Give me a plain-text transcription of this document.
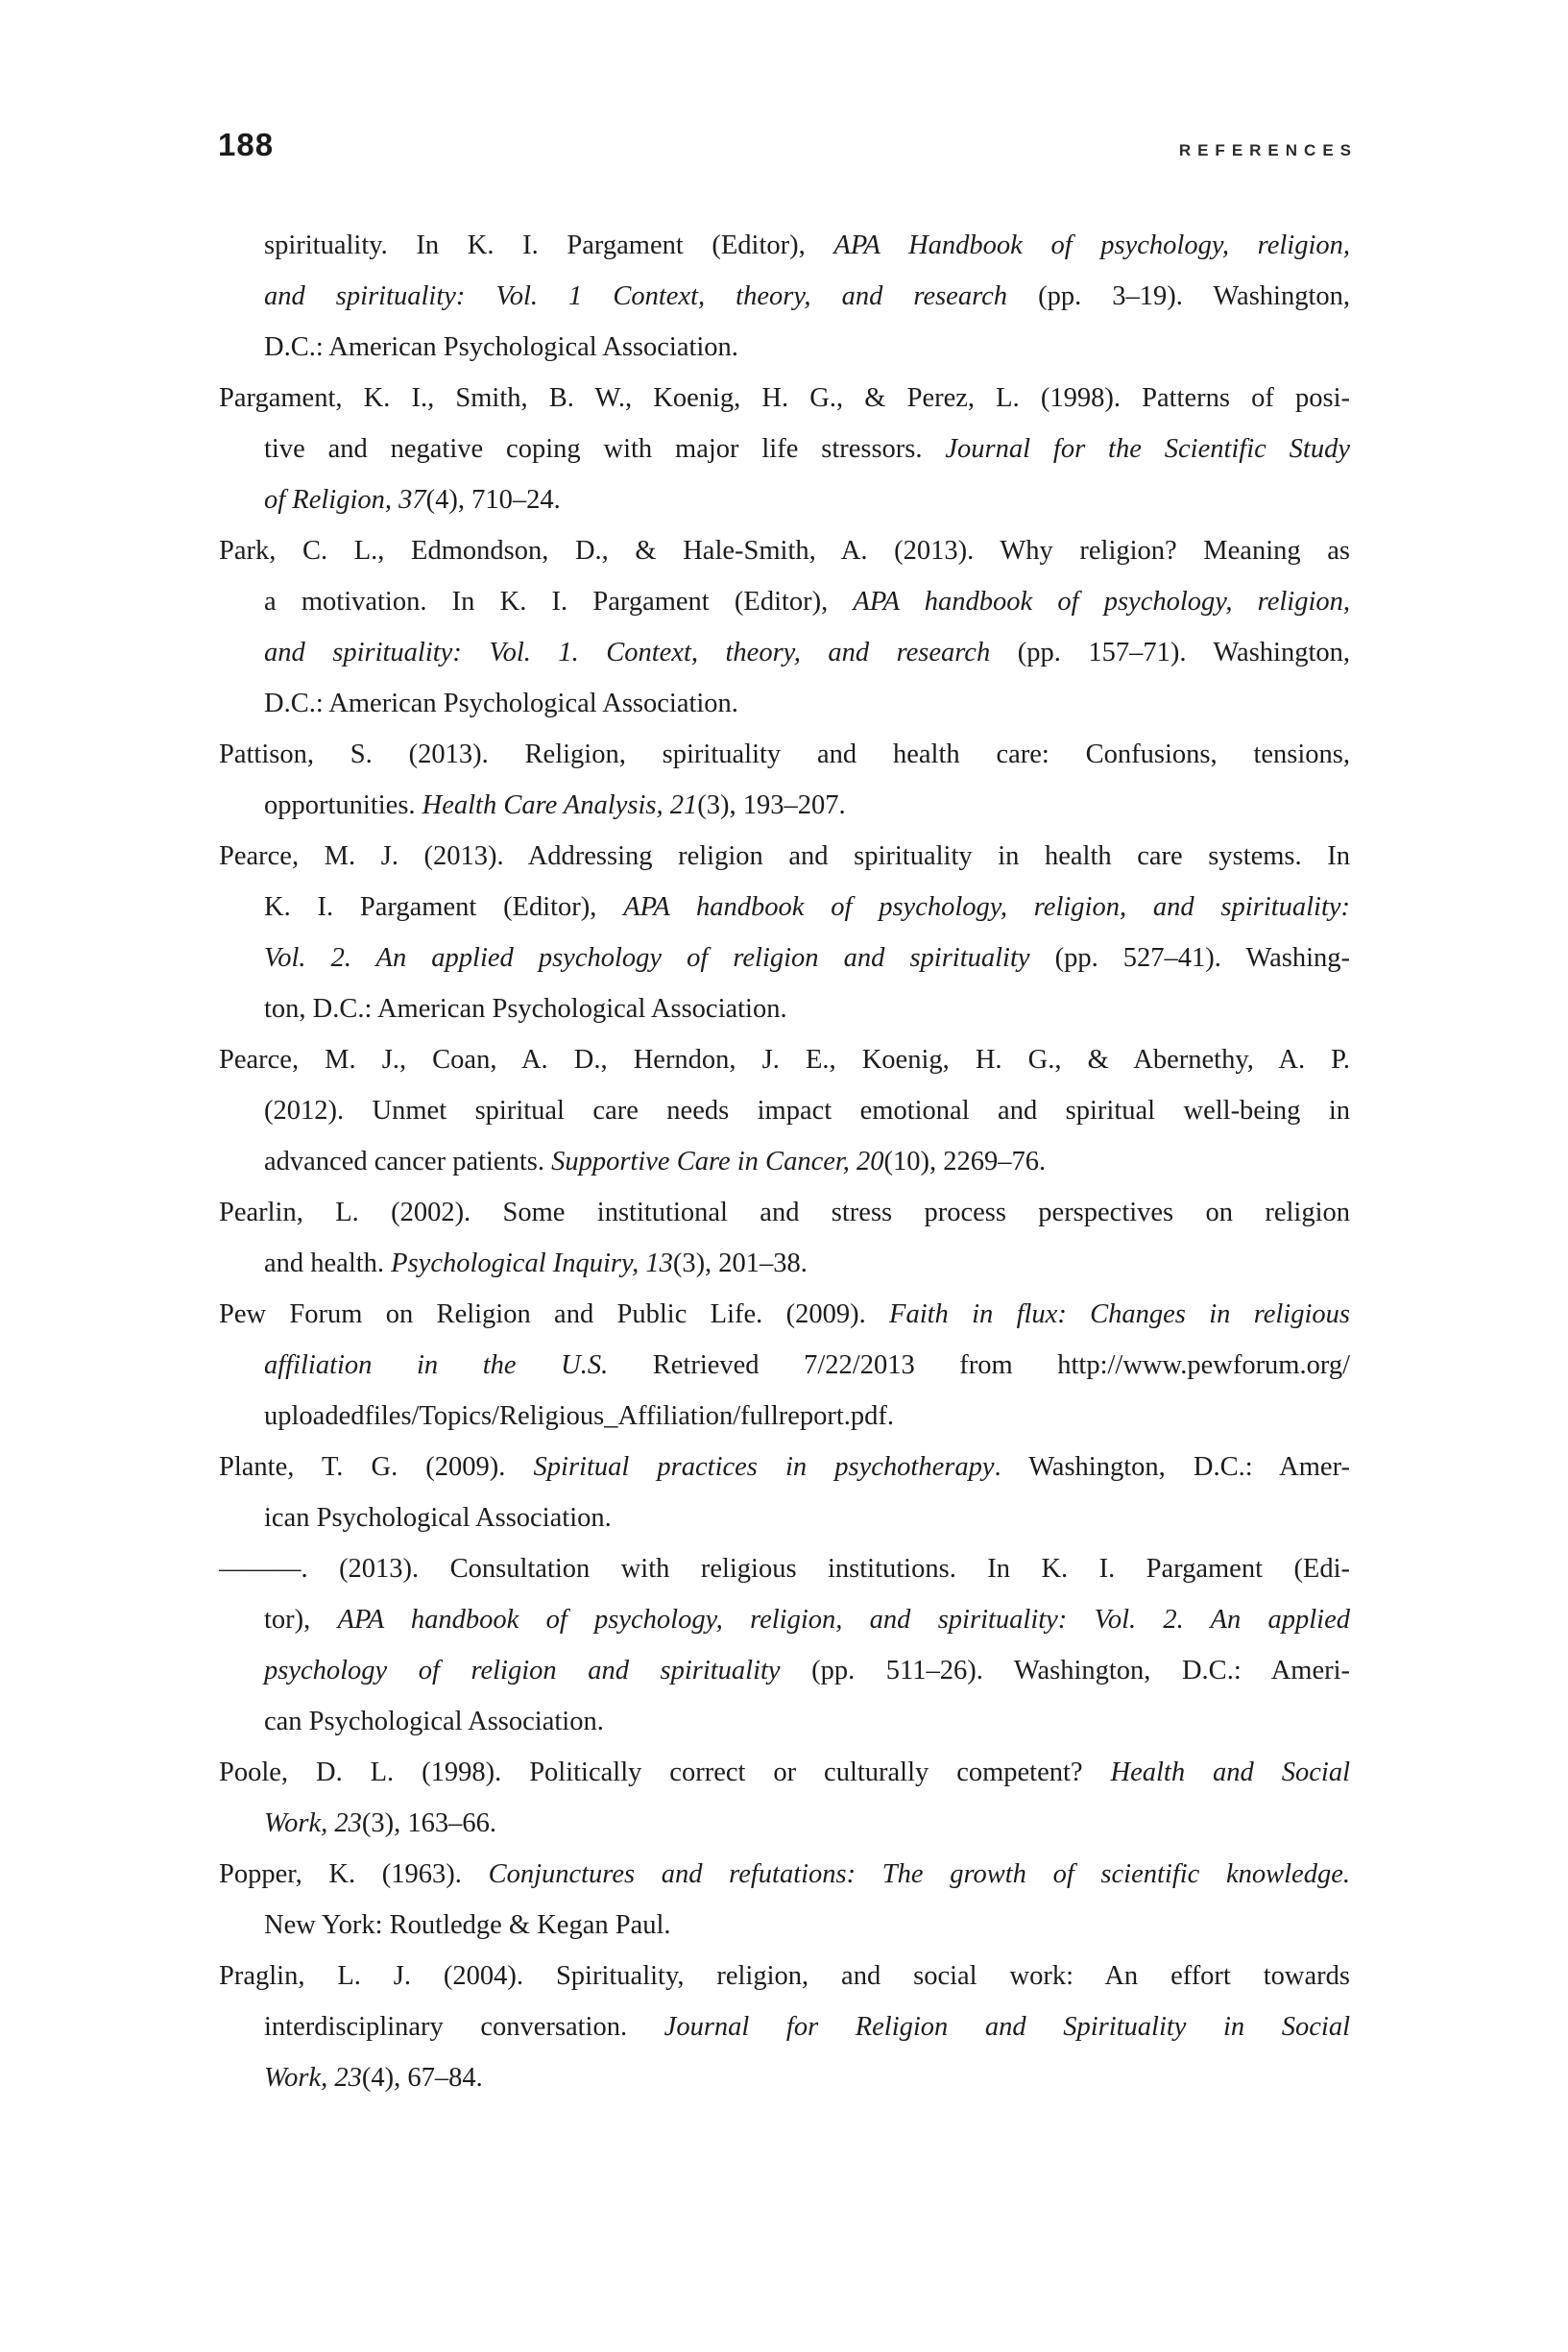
188	REFERENCES
spirituality. In K. I. Pargament (Editor), APA Handbook of psychology, religion,
and spirituality: Vol. 1 Context, theory, and research (pp. 3–19). Washington,
D.C.: American Psychological Association.
Pargament, K. I., Smith, B. W., Koenig, H. G., & Perez, L. (1998). Patterns of posi-
tive and negative coping with major life stressors. Journal for the Scientific Study
of Religion, 37(4), 710–24.
Park, C. L., Edmondson, D., & Hale-Smith, A. (2013). Why religion? Meaning as
a motivation. In K. I. Pargament (Editor), APA handbook of psychology, religion,
and spirituality: Vol. 1. Context, theory, and research (pp. 157–71). Washington,
D.C.: American Psychological Association.
Pattison, S. (2013). Religion, spirituality and health care: Confusions, tensions,
opportunities. Health Care Analysis, 21(3), 193–207.
Pearce, M. J. (2013). Addressing religion and spirituality in health care systems. In
K. I. Pargament (Editor), APA handbook of psychology, religion, and spirituality:
Vol. 2. An applied psychology of religion and spirituality (pp. 527–41). Washing-
ton, D.C.: American Psychological Association.
Pearce, M. J., Coan, A. D., Herndon, J. E., Koenig, H. G., & Abernethy, A. P.
(2012). Unmet spiritual care needs impact emotional and spiritual well-being in
advanced cancer patients. Supportive Care in Cancer, 20(10), 2269–76.
Pearlin, L. (2002). Some institutional and stress process perspectives on religion
and health. Psychological Inquiry, 13(3), 201–38.
Pew Forum on Religion and Public Life. (2009). Faith in flux: Changes in religious
affiliation in the U.S. Retrieved 7/22/2013 from http://www.pewforum.org/
uploadedfiles/Topics/Religious_Affiliation/fullreport.pdf.
Plante, T. G. (2009). Spiritual practices in psychotherapy. Washington, D.C.: Amer-
ican Psychological Association.
———. (2013). Consultation with religious institutions. In K. I. Pargament (Edi-
tor), APA handbook of psychology, religion, and spirituality: Vol. 2. An applied
psychology of religion and spirituality (pp. 511–26). Washington, D.C.: Ameri-
can Psychological Association.
Poole, D. L. (1998). Politically correct or culturally competent? Health and Social
Work, 23(3), 163–66.
Popper, K. (1963). Conjunctures and refutations: The growth of scientific knowledge.
New York: Routledge & Kegan Paul.
Praglin, L. J. (2004). Spirituality, religion, and social work: An effort towards
interdisciplinary conversation. Journal for Religion and Spirituality in Social
Work, 23(4), 67–84.
